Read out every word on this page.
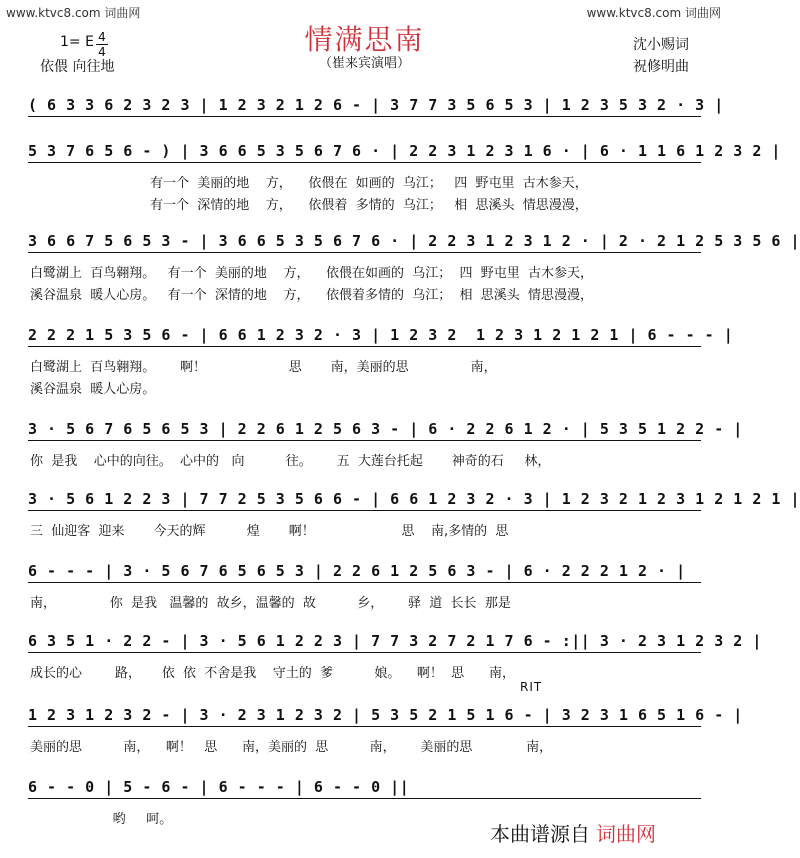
www.ktvc8.com 词曲网	www.ktvc8.com 词曲网
情满思南
（崔来宾演唱）
1= E 4
4
依偎 向往地
沈小赐词
祝修明曲
( 6 3 3 6 2 3 2 3 | 1 2 3 2 1 2 6 - | 3 7 7 3 5 6 5 3 | 1 2 3 5 3 2 · 3 |
5 3 7 6 5 6 - ) | 3 6 6 5 3 5 6 7 6 · | 2 2 3 1 2 3 1 6 · | 6 · 1 1 6 1 2 3 2 |
有一个  美丽的地    方，    依偎在  如画的  乌江；   四  野屯里  古木参天，
有一个  深情的地    方，    依偎着  多情的  乌江；   相  思溪头  情思漫漫，
3 6 6 7 5 6 5 3 - | 3 6 6 5 3 5 6 7 6 · | 2 2 3 1 2 3 1 2 · | 2 · 2 1 2 5 3 5 6 |
白鹭湖上  百鸟翱翔。   有一个  美丽的地    方，    依偎在如画的  乌江；  四  野屯里  古木参天，
溪谷温泉  暖人心房。   有一个  深情的地    方，    依偎着多情的  乌江；  相  思溪头  情思漫漫，
2 2 2 1 5 3 5 6 - | 6 6 1 2 3 2 · 3 | 1 2 3 2  1 2 3 1 2 1 2 1 | 6 - - - |
白鹭湖上  百鸟翱翔。      啊！                    思       南，美丽的思               南，
溪谷温泉  暖人心房。
3 · 5 6 7 6 5 6 5 3 | 2 2 6 1 2 5 6 3 - | 6 · 2 2 6 1 2 · | 5 3 5 1 2 2 - |
你  是我    心中的向往。  心中的   向          往。      五  大莲台托起       神奇的石     林，
3 · 5 6 1 2 2 3 | 7 7 2 5 3 5 6 6 - | 6 6 1 2 3 2 · 3 | 1 2 3 2 1 2 3 1 2 1 2 1 |
三  仙迎客  迎来       今天的辉          煌       啊！                     思    南,多情的  思
6 - - - | 3 · 5 6 7 6 5 6 5 3 | 2 2 6 1 2 5 6 3 - | 6 · 2 2 2 1 2 · |
南，             你  是我   温馨的  故乡，温馨的  故          乡，      驿  道  长长  那是
6 3 5 1 · 2 2 - | 3 · 5 6 1 2 2 3 | 7 7 3 2 7 2 1 7 6 - :|| 3 · 2 3 1 2 3 2 |
成长的心        路，     依  依  不舍是我    守土的  爹          娘。    啊！  思      南，
1 2 3 1 2 3 2 - | 3 · 2 3 1 2 3 2 | 5 3 5 2 1 5 1 6 - | 3 2 3 1 6 5 1 6 - |
美丽的思          南，    啊！   思      南，美丽的  思          南，      美丽的思             南，
6 - - 0 | 5 - 6 - | 6 - - - | 6 - - 0 ||
哟     呵。
RIT
本曲谱源自 词曲网
